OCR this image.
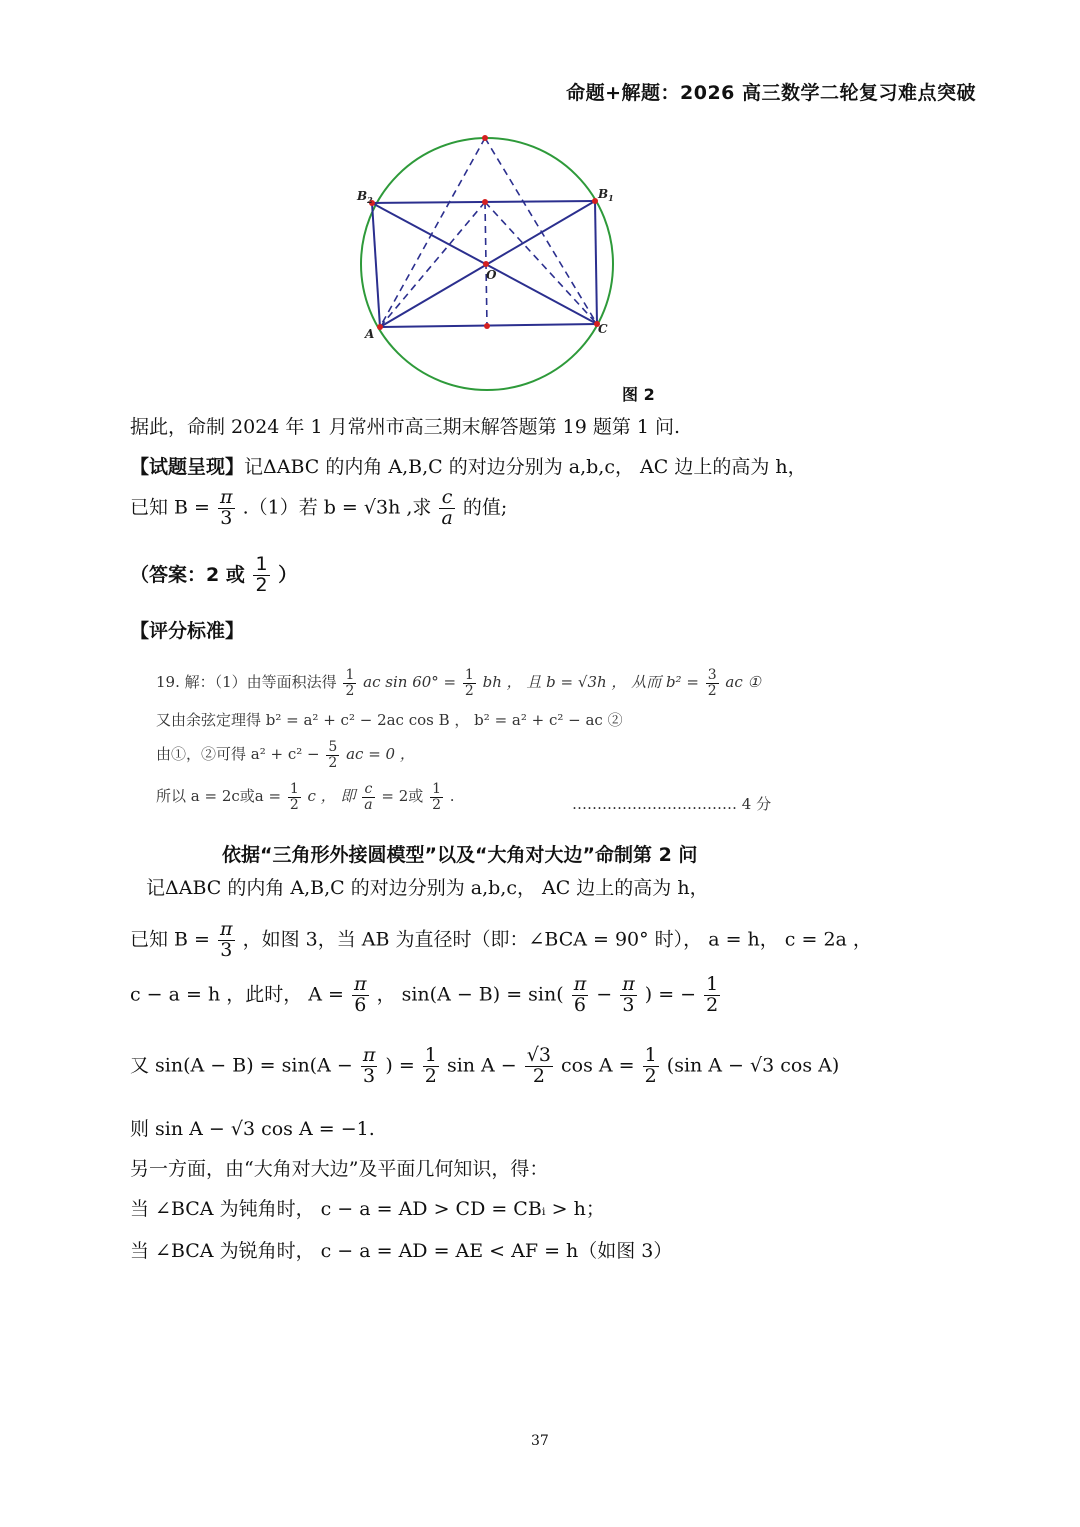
命题+解题：2026 高三数学二轮复习难点突破
$B_2$	$B_1$
O
A	C
图 2
据此，命制 2024 年 1 月常州市高三期末解答题第 19 题第 1 问.
【试题呈现】记ΔABC 的内角 A,B,C 的对边分别为 a,b,c， AC 边上的高为 h，
已知 $B = \frac{\pi}{3} .(1)$若 b = √3h ,求 $\frac{c}{a}$ 的值;
（答案：2 或 $\frac{1}{2}$ ）
【评分标准】
19. 解：（1）由等面积法得 $\frac{1}{2}$ ac $\sin 60^\circ = \frac{1}{2}$ bh ， 且 b = √3h ， 从而 $b^2 = \frac{3}{2}$ ac ①
又由余弦定理得 b² = a² + c² − 2ac cos B ， b² = a² + c² − ac ②
由①，②可得 $a^2 + c^2 - \frac{5}{2}$ ac = 0 ，
所以 a = 2c或$a = \frac{1}{2}$ c ， 即 $\frac{c}{a} = 2$或 $\frac{1}{2}$ .	…………………………… 4 分
依据“三角形外接圆模型”以及“大角对大边”命制第 2 问
记ΔABC 的内角 A,B,C 的对边分别为 a,b,c， AC 边上的高为 h，
已知 $B = \frac{\pi}{3}$ ，如图 3，当 AB 为直径时（即：∠BCA = 90° 时）， a = h， c = 2a ，
c − a = h ，此时， $A = \frac{\pi}{6}$ ， $\sin(A - B) = \sin( \frac{\pi}{6} - \frac{\pi}{3}$ ) = − $\frac{1}{2}$
又 $\sin(A - B) = \sin(A - \frac{\pi}{3}$ ) = $\frac{1}{2}$ $\sin A - \frac{√3}{2}$ $\cos A = \frac{1}{2} (\sin$ A − √3 cos A)
则 sin A − √3 cos A = −1.
另一方面，由“大角对大边”及平面几何知识，得：
当 ∠BCA 为钝角时， c − a = AD > CD = CBᵢ > h；
当 ∠BCA 为锐角时， c − a = AD = AE < AF = h（如图 3）
37
